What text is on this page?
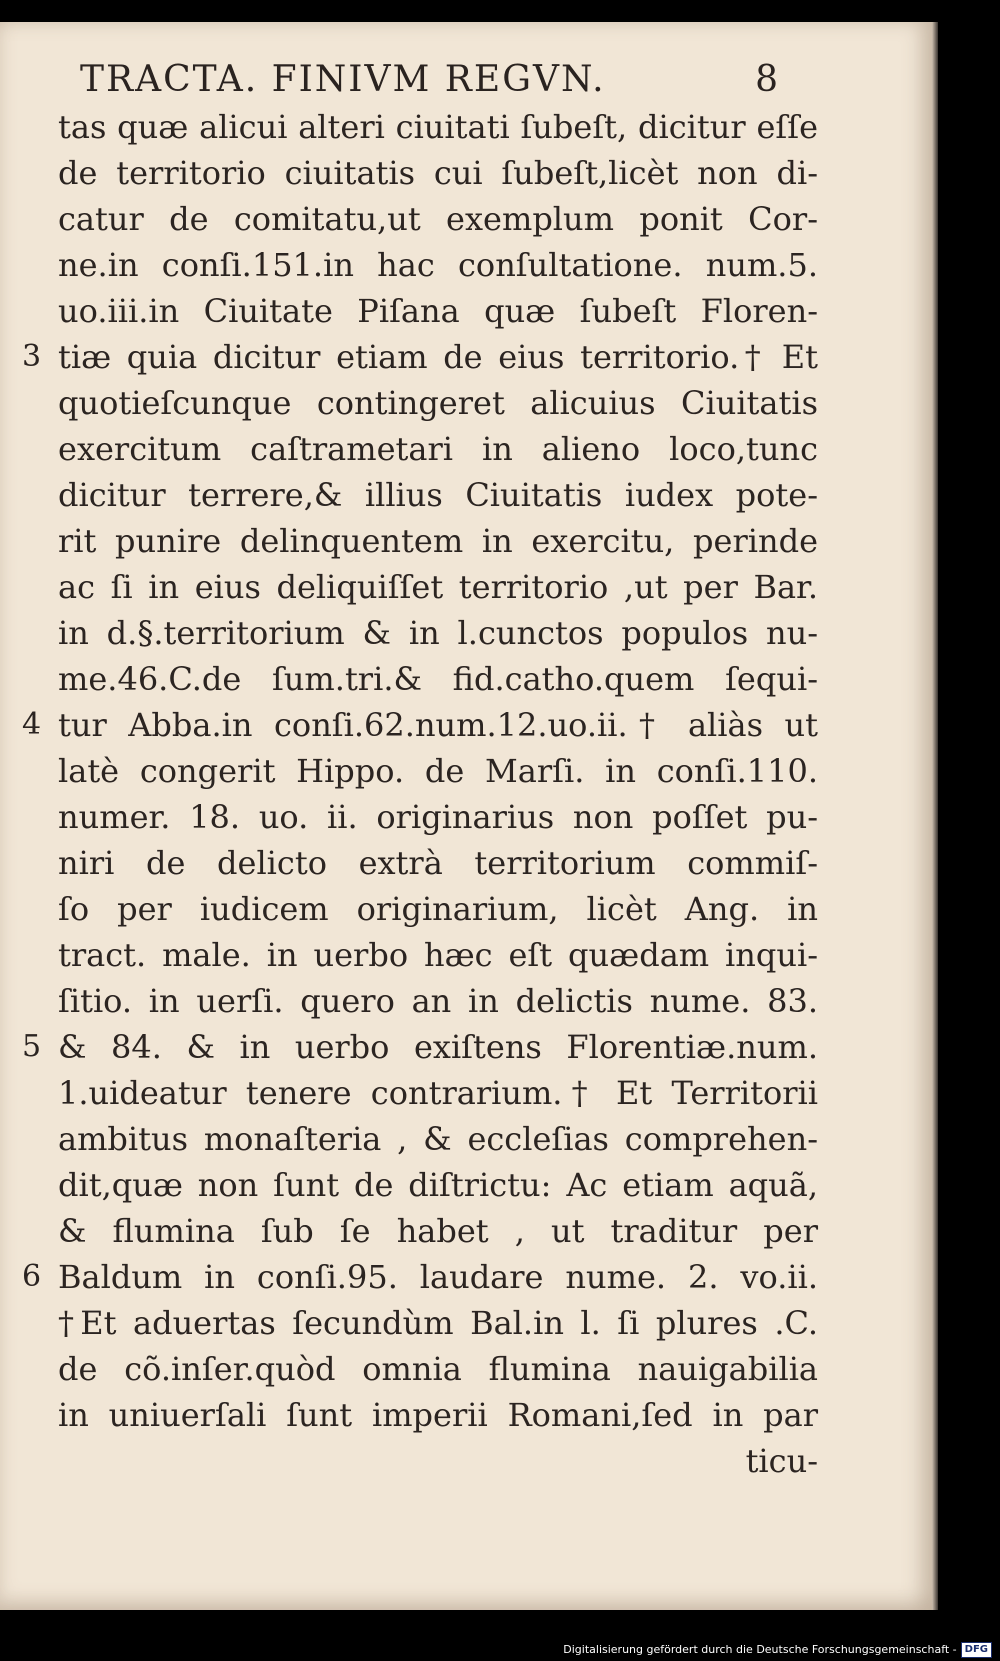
TRACTA. FINIVM REGVN.	8
3
4
5
6
tas quæ alicui alteri ciuitati ſubeſt, dicitur eſſe
de territorio ciuitatis cui ſubeſt,licèt non di-
catur de comitatu,ut exemplum ponit Cor-
ne.in conſi.151.in hac conſultatione. num.5.
uo.iii.in Ciuitate Piſana quæ ſubeſt Floren-
tiæ quia dicitur etiam de eius territorio.† Et
quotieſcunque contingeret alicuius Ciuitatis
exercitum caſtrametari in alieno loco,tunc
dicitur terrere,& illius Ciuitatis iudex pote-
rit punire delinquentem in exercitu, perinde
ac ſi in eius deliquiſſet territorio ,ut per Bar.
in d.§.territorium & in l.cunctos populos nu-
me.46.C.de ſum.tri.& fid.catho.quem ſequi-
tur Abba.in conſi.62.num.12.uo.ii.† aliàs ut
latè congerit Hippo. de Marſi. in conſi.110.
numer. 18. uo. ii. originarius non poſſet pu-
niri de delicto extrà territorium commiſ-
ſo per iudicem originarium, licèt Ang. in
tract. male. in uerbo hæc eſt quædam inqui-
ſitio. in uerſi. quero an in delictis nume. 83.
& 84. & in uerbo exiſtens Florentiæ.num.
1.uideatur tenere contrarium.† Et Territorii
ambitus monaſteria , & eccleſias comprehen-
dit,quæ non ſunt de diſtrictu: Ac etiam aquã,
& flumina ſub ſe habet , ut traditur per
Baldum in conſi.95. laudare nume. 2. vo.ii.
†Et aduertas ſecundùm Bal.in l. ſi plures .C.
de cõ.inſer.quòd omnia flumina nauigabilia
in uniuerſali ſunt imperii Romani,ſed in par
ticu-
Digitalisierung gefördert durch die Deutsche Forschungsgemeinschaft - DFG
